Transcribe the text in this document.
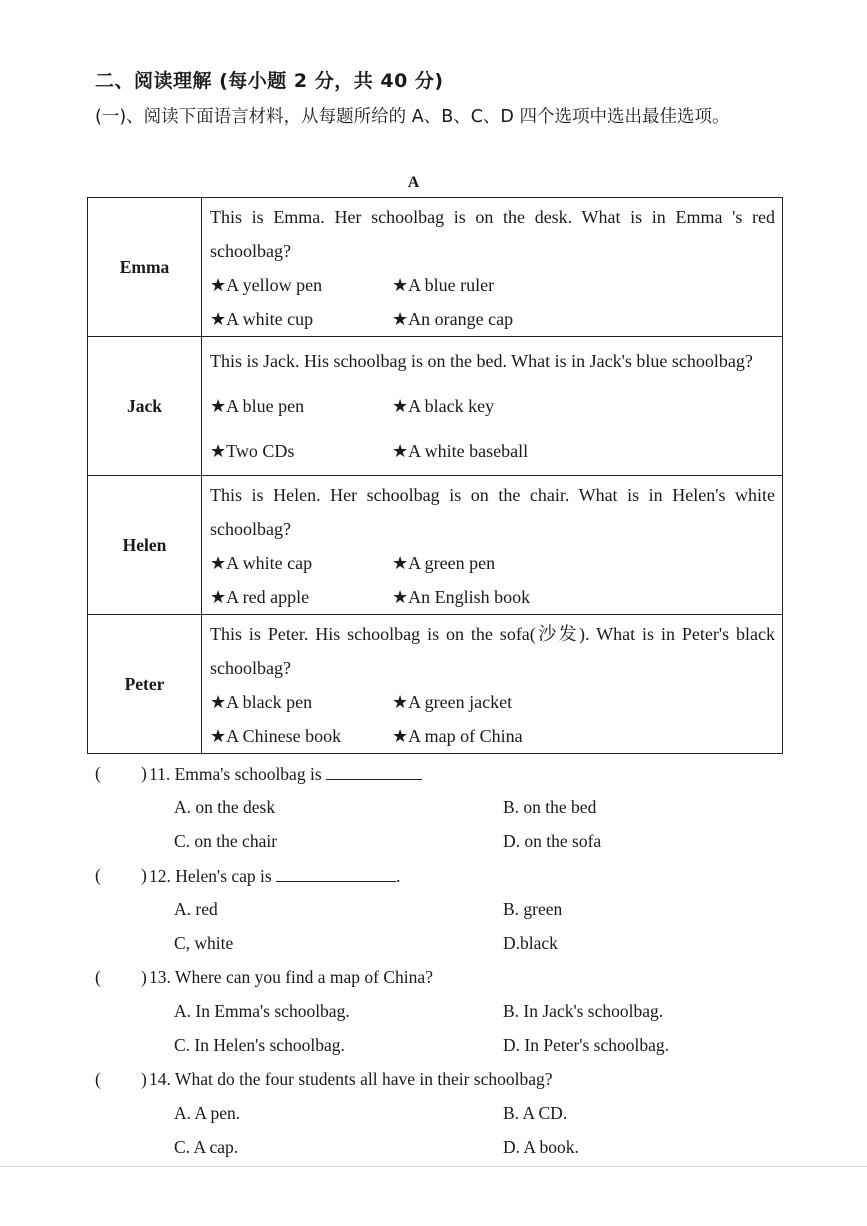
二、阅读理解 (每小题 2 分，共 40 分)
(一)、阅读下面语言材料，从每题所给的 A、B、C、D 四个选项中选出最佳选项。
A
Emma	This is Emma. Her schoolbag is on the desk. What is in Emma 's red schoolbag?
★A yellow pen ★A blue ruler
★A white cup ★An orange cap

Jack	This is Jack. His schoolbag is on the bed. What is in Jack's blue schoolbag?
★A blue pen ★A black key
★Two CDs ★A white baseball

Helen	This is Helen. Her schoolbag is on the chair. What is in Helen's white schoolbag?
★A white cap ★A green pen
★A red apple ★An English book

Peter	This is Peter. His schoolbag is on the sofa(沙发). What is in Peter's black schoolbag?
★A black pen ★A green jacket
★A Chinese book ★A map of China
( ) 11. Emma's schoolbag is
A. on the desk	B. on the bed
C. on the chair	D. on the sofa
( ) 12. Helen's cap is	.
A. red	B. green
C, white	D.black
( ) 13. Where can you find a map of China?
A. In Emma's schoolbag.	B. In Jack's schoolbag.
C. In Helen's schoolbag.	D. In Peter's schoolbag.
( ) 14. What do the four students all have in their schoolbag?
A. A pen.	B. A CD.
C. A cap.	D. A book.
